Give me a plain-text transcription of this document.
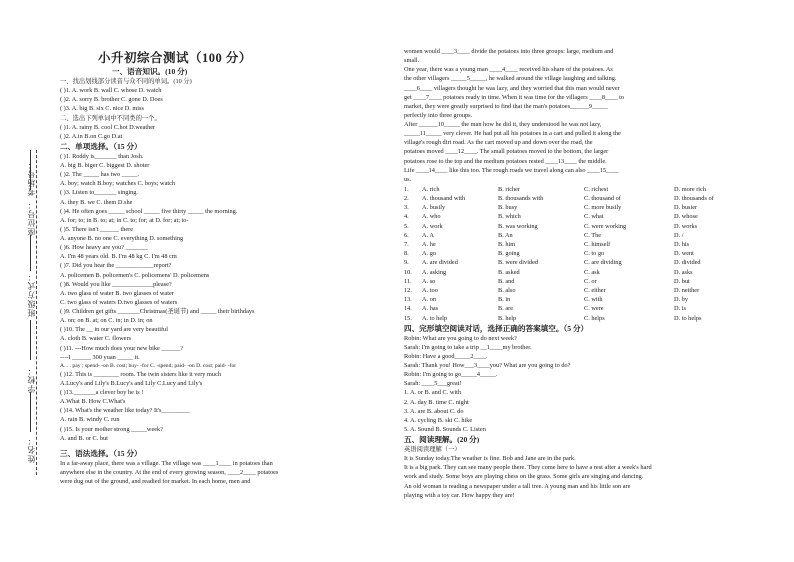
考场号：
座位号：
班级方式：
学校：
姓名：
小升初综合测试（100 分）
一、语音知识。(10 分)
一、找出划线部分读音与众不同的单词。(10 分)
( )1. A. work B. wall C. whose D. watch
( )2. A. sorry B. brother C. gone D. Does
( )3. A. big B. six C. nice D. miss
二、选出下列单词中不同类的一个。
( )1. A. rainy B. cool C.hot D.weather
( )2. A.in B.on C.go D.at
二、单项选择。（15 分）
( )1. Roddy is_______ than Josh.
A. big B. biger C. biggest D. shoter
( )2. The _____ has two _____.
A. boy; watch B.boy; watches C. boys; watch
( )3. Listen to_______ singing.
A. they B. we C. them D.she
( )4. He often goes _____ school _____ five thirty _____ the morning.
A. for; to; in B. to; at; in C. to; for; at D. for; at; to-
( )5. There isn't ______ there
A. anyone B. no one C. everything D. something
( )6. How heavy are you? _______
A. I'm 48 years old. B. I'm 48 kg C. I'm 48 cm
( )7. Did you hear the ____________report?
A. policemen B. policemen's C. policemens' D. policemens
( )8. Would you like _____________please?
A. two glass of water B. two glasses of water
C. two glass of waters D.two glasses of waters
( )9. Children get gifts _______Christmas(圣诞节) and _____ their birthdays
A. on; on B. at; on C. in; in D. in; on
( )10. The __ in our yard are very beautiful
A. cloth B. water C. flowers
( )11. ---How much does your new bike ______?
----I ______ 300 yuan _____ it.
A. . . pay ; spend- -on B. cost; buy- -for C. -spend; paid- -on D. cost; paid- -for
( )12. This is ________ room. The twin sisters like it very much
A.Lucy's and Lily's B.Lucy's and Lily C.Lucy and Lily's
( )13._______a clever boy he is !
A.What B. How C.What's
( )14. What's the weather like today? It's_________
A. rain B. windy C. run
( )15. Is your mother strong _____week?
A. and B. or C. but
三、语法选择。（15 分）
In a far-away place, there was a village. The village was ____1____ in potatoes than
anywhere else in the country. At the end of every growing season, ____2____ potatoes
were dug out of the ground, and readied for market. In each home, men and
women would ____3____ divide the potatoes into three groups: large, medium and
small.
One year, there was a young man ____4____ received his share of the potatoes. As
the other villagers _____5_____, he walked around the village laughing and talking.
____6____ villagers thought he was lazy, and they worried that this man would never
get ____7____ potatoes ready in time. When it was time for the villagers ____8____ to
market, they were greatly surprised to find that the man's potatoes______9_____
perfectly into three groups.
After ______10_____ the man how he did it, they understood he was not lazy,
_____11_____ very clever. He had put all his potatoes in a cart and pulled it along the
village's rough dirt road. As the cart moved up and down over the road, the
potatoes moved ____12____. The small potatoes moved to the bottom, the larger
potatoes rose to the top and the medium potatoes rested ____13____ the middle.
Life ____14____ like this too. The rough roads we travel along can also ____15____
us.
1.	A. rich	B. richer	C. richest	D. more rich
2.	A. thousand with	B. thousands with	C. thousand of	D. thousands of
3.	A. busily	B. busy	C. more busily	D. busier
4.	A. who	B. which	C. what	D. whose
5.	A. work	B. was working	C. were working	D. works
6.	A. A	B. An	C. The	D. /
7.	A. he	B. him	C. himself	D. his
8.	A. go	B. going	C. to go	D. went
9.	A. are divided	B. were divided	C. are dividing	D. divided
10.	A. asking	B. asked	C. ask	D. asks
11.	A. so	B. and	C. or	D. but
12.	A. too	B. also	C. either	D. neither
13.	A. on	B. in	C. with	D. by
14.	A. has	B. are	C. were	D. is
15.	A. to help	B. help	C. helps	D. to helps
四、完形填空阅读对话，选择正确的答案填空。（5 分）
Robin: What are you going to do next week?
Sarah: I'm going to take a trip __1____my brother.
Robin: Have a good_____2____.
Sarah: Thank you! How___3____you? What are you going to do?
Robin: I'm going to go_____4_____.
Sarah: ____5___great!
1. A. or B. and C. with
2. A. day B. time C. night
3. A. are B. about C. do
4. A. cycling B. ski C. hike
5. A. Sound B. Sounds C. Listen
五、阅读理解。(20 分)
英语阅读理解（一）
It is Sunday today.The weather is fine. Bob and Jane are in the park.
It is a big park. They can see many people there. They come here to have a rest after a week's hard
work and study. Some boys are playing chess on the grass. Some girls are singing and dancing.
An old woman is reading a newspaper under a tall tree. A young man and his little son are
playing with a toy car. How happy they are!
